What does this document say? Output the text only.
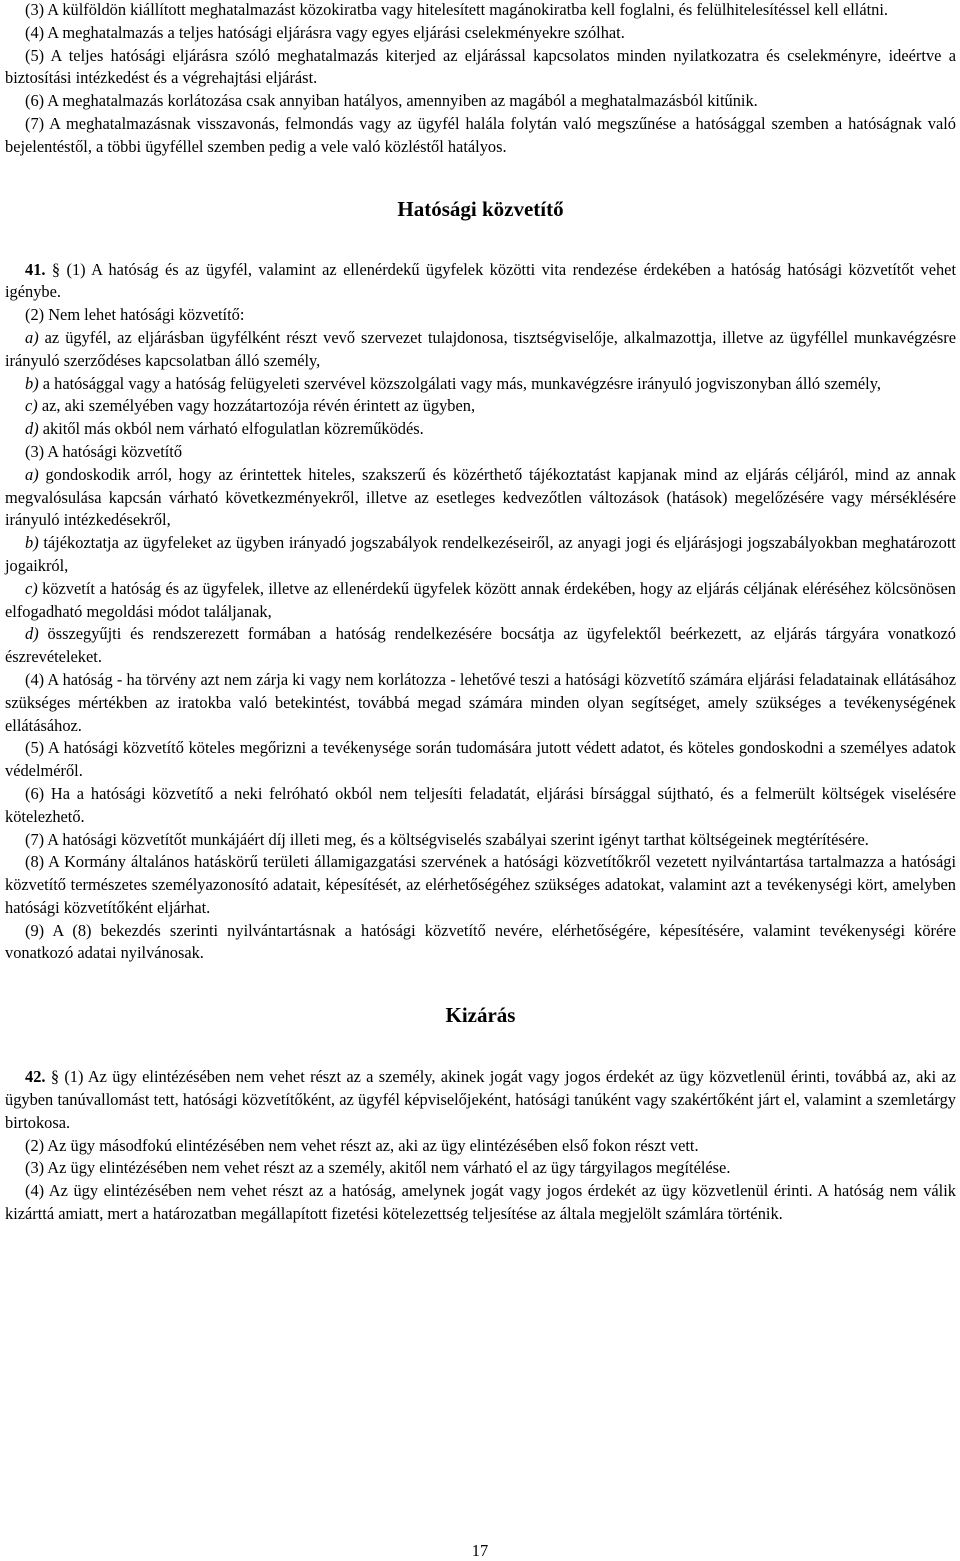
(3) A külföldön kiállított meghatalmazást közokiratba vagy hitelesített magánokiratba kell foglalni, és felülhitelesítéssel kell ellátni.

(4) A meghatalmazás a teljes hatósági eljárásra vagy egyes eljárási cselekményekre szólhat.

(5) A teljes hatósági eljárásra szóló meghatalmazás kiterjed az eljárással kapcsolatos minden nyilatkozatra és cselekményre, ideértve a biztosítási intézkedést és a végrehajtási eljárást.

(6) A meghatalmazás korlátozása csak annyiban hatályos, amennyiben az magából a meghatalmazásból kitűnik.

(7) A meghatalmazásnak visszavonás, felmondás vagy az ügyfél halála folytán való megszűnése a hatósággal szemben a hatóságnak való bejelentéstől, a többi ügyféllel szemben pedig a vele való közléstől hatályos.

Hatósági közvetítő

41. § (1) A hatóság és az ügyfél, valamint az ellenérdekű ügyfelek közötti vita rendezése érdekében a hatóság hatósági közvetítőt vehet igénybe.

(2) Nem lehet hatósági közvetítő:

a) az ügyfél, az eljárásban ügyfélként részt vevő szervezet tulajdonosa, tisztségviselője, alkalmazottja, illetve az ügyféllel munkavégzésre irányuló szerződéses kapcsolatban álló személy,

b) a hatósággal vagy a hatóság felügyeleti szervével közszolgálati vagy más, munkavégzésre irányuló jogviszonyban álló személy,

c) az, aki személyében vagy hozzátartozója révén érintett az ügyben,

d) akitől más okból nem várható elfogulatlan közreműködés.

(3) A hatósági közvetítő

a) gondoskodik arról, hogy az érintettek hiteles, szakszerű és közérthető tájékoztatást kapjanak mind az eljárás céljáról, mind az annak megvalósulása kapcsán várható következményekről, illetve az esetleges kedvezőtlen változások (hatások) megelőzésére vagy mérséklésére irányuló intézkedésekről,

b) tájékoztatja az ügyfeleket az ügyben irányadó jogszabályok rendelkezéseiről, az anyagi jogi és eljárásjogi jogszabályokban meghatározott jogaikról,

c) közvetít a hatóság és az ügyfelek, illetve az ellenérdekű ügyfelek között annak érdekében, hogy az eljárás céljának eléréséhez kölcsönösen elfogadható megoldási módot találjanak,

d) összegyűjti és rendszerezett formában a hatóság rendelkezésére bocsátja az ügyfelektől beérkezett, az eljárás tárgyára vonatkozó észrevételeket.

(4) A hatóság - ha törvény azt nem zárja ki vagy nem korlátozza - lehetővé teszi a hatósági közvetítő számára eljárási feladatainak ellátásához szükséges mértékben az iratokba való betekintést, továbbá megad számára minden olyan segítséget, amely szükséges a tevékenységének ellátásához.

(5) A hatósági közvetítő köteles megőrizni a tevékenysége során tudomására jutott védett adatot, és köteles gondoskodni a személyes adatok védelméről.

(6) Ha a hatósági közvetítő a neki felróható okból nem teljesíti feladatát, eljárási bírsággal sújtható, és a felmerült költségek viselésére kötelezhető.

(7) A hatósági közvetítőt munkájáért díj illeti meg, és a költségviselés szabályai szerint igényt tarthat költségeinek megtérítésére.

(8) A Kormány általános hatáskörű területi államigazgatási szervének a hatósági közvetítőkről vezetett nyilvántartása tartalmazza a hatósági közvetítő természetes személyazonosító adatait, képesítését, az elérhetőségéhez szükséges adatokat, valamint azt a tevékenységi kört, amelyben hatósági közvetítőként eljárhat.

(9) A (8) bekezdés szerinti nyilvántartásnak a hatósági közvetítő nevére, elérhetőségére, képesítésére, valamint tevékenységi körére vonatkozó adatai nyilvánosak.

Kizárás

42. § (1) Az ügy elintézésében nem vehet részt az a személy, akinek jogát vagy jogos érdekét az ügy közvetlenül érinti, továbbá az, aki az ügyben tanúvallomást tett, hatósági közvetítőként, az ügyfél képviselőjeként, hatósági tanúként vagy szakértőként járt el, valamint a szemletárgy birtokosa.

(2) Az ügy másodfokú elintézésében nem vehet részt az, aki az ügy elintézésében első fokon részt vett.

(3) Az ügy elintézésében nem vehet részt az a személy, akitől nem várható el az ügy tárgyilagos megítélése.

(4) Az ügy elintézésében nem vehet részt az a hatóság, amelynek jogát vagy jogos érdekét az ügy közvetlenül érinti. A hatóság nem válik kizárttá amiatt, mert a határozatban megállapított fizetési kötelezettség teljesítése az általa megjelölt számlára történik.

17
